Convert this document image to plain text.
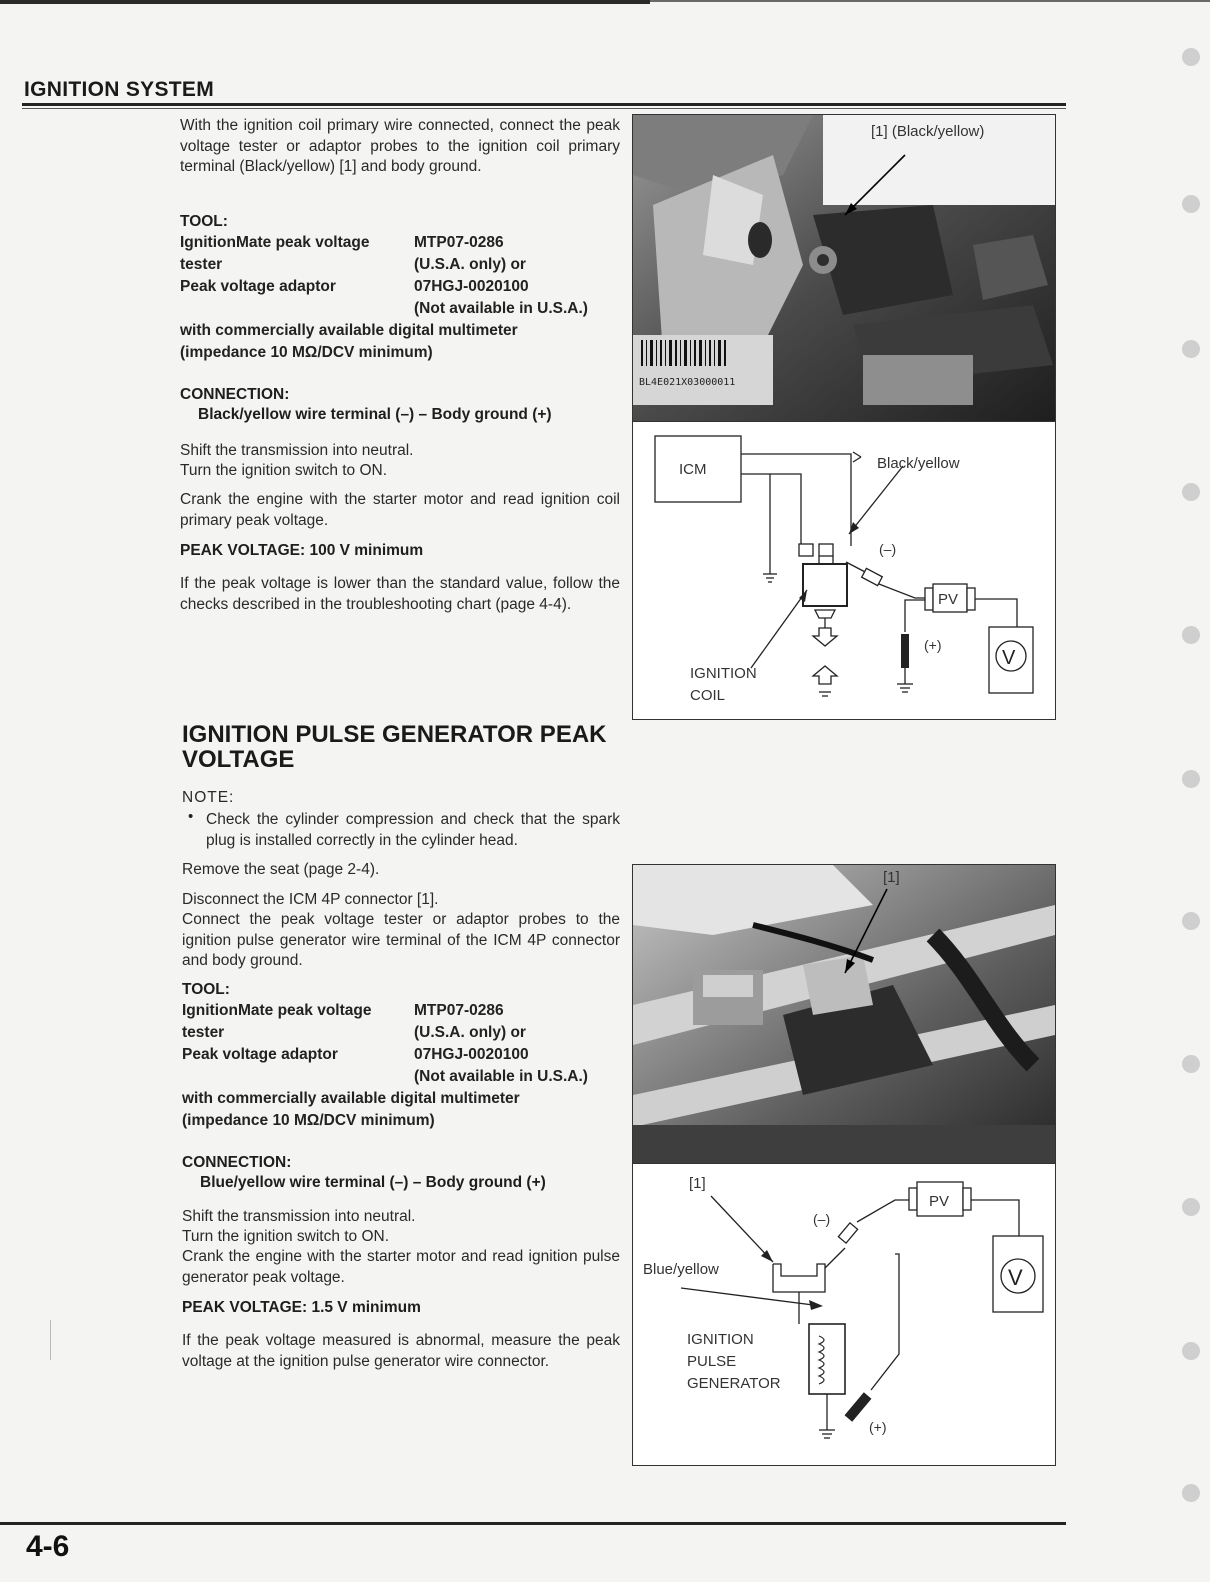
IGNITION SYSTEM
With the ignition coil primary wire connected, connect the peak voltage tester or adaptor probes to the ignition coil primary terminal (Black/yellow) [1] and body ground.
TOOL:
IgnitionMate peak voltage	MTP07-0286
tester	(U.S.A. only) or
Peak voltage adaptor	07HGJ-0020100
(Not available in U.S.A.)
with commercially available digital multimeter
(impedance 10 MΩ/DCV minimum)
CONNECTION:
Black/yellow wire terminal (–) – Body ground (+)
Shift the transmission into neutral.
Turn the ignition switch to ON.
Crank the engine with the starter motor and read ignition coil primary peak voltage.
PEAK VOLTAGE: 100 V minimum
If the peak voltage is lower than the standard value, follow the checks described in the troubleshooting chart (page 4-4).
BL4E021X03000011
[1] (Black/yellow)
ICM	Black/yellow
(–)
(+)
PV
V
IGNITION
COIL
IGNITION PULSE GENERATOR PEAK VOLTAGE
NOTE:
• Check the cylinder compression and check that the spark plug is installed correctly in the cylinder head.
Remove the seat (page 2-4).
Disconnect the ICM 4P connector [1].
Connect the peak voltage tester or adaptor probes to the ignition pulse generator wire terminal of the ICM 4P connector and body ground.
TOOL:
IgnitionMate peak voltage	MTP07-0286
tester	(U.S.A. only) or
Peak voltage adaptor	07HGJ-0020100
(Not available in U.S.A.)
with commercially available digital multimeter
(impedance 10 MΩ/DCV minimum)
CONNECTION:
Blue/yellow wire terminal (–) – Body ground (+)
Shift the transmission into neutral.
Turn the ignition switch to ON.
Crank the engine with the starter motor and read ignition pulse generator peak voltage.
PEAK VOLTAGE: 1.5 V minimum
If the peak voltage measured is abnormal, measure the peak voltage at the ignition pulse generator wire connector.
[1]
[1]
(–)
(+)
PV
V
Blue/yellow
IGNITION
PULSE
GENERATOR
4-6
